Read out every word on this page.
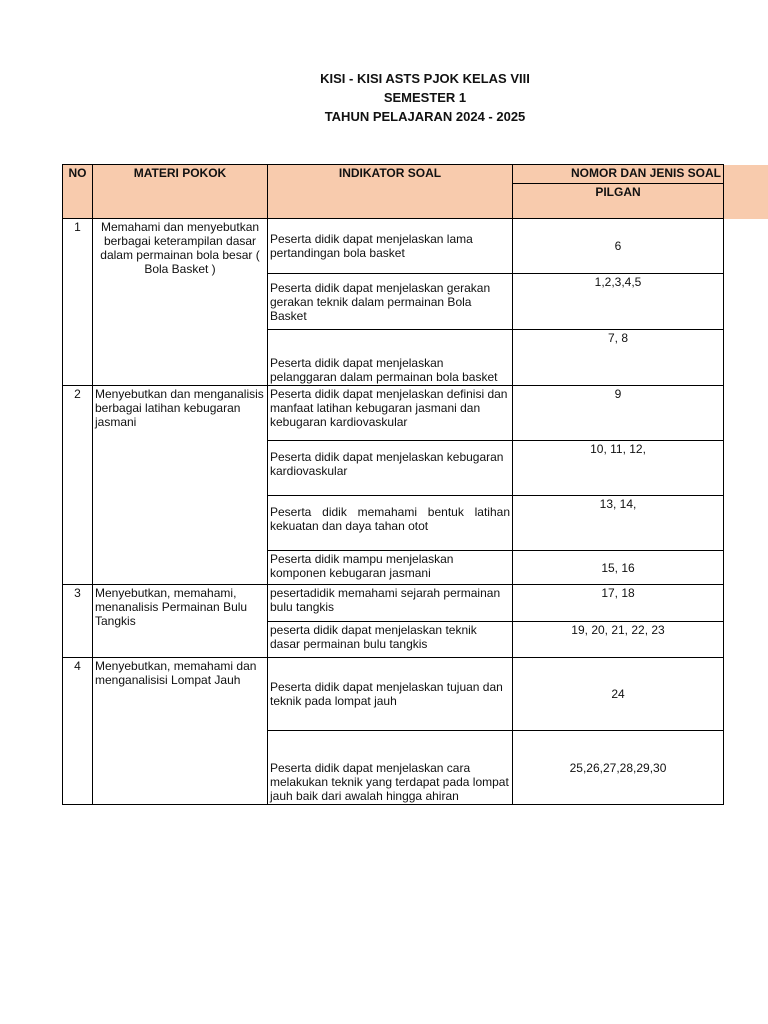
KISI - KISI ASTS PJOK KELAS VIII
SEMESTER 1
TAHUN PELAJARAN 2024 - 2025
NO	MATERI POKOK	INDIKATOR SOAL	NOMOR DAN JENIS SOAL
			PILGAN
1	Memahami dan menyebutkan berbagai keterampilan dasar dalam permainan bola besar ( Bola Basket )	Peserta didik dapat menjelaskan lama pertandingan bola basket	6
		Peserta didik dapat menjelaskan gerakan gerakan teknik dalam permainan Bola Basket	1,2,3,4,5
		Peserta didik dapat menjelaskan pelanggaran dalam permainan bola basket	7, 8
2	Menyebutkan dan menganalisis berbagai latihan kebugaran jasmani	Peserta didik dapat menjelaskan definisi dan manfaat latihan kebugaran jasmani dan kebugaran kardiovaskular	9
		Peserta didik dapat menjelaskan kebugaran kardiovaskular	10, 11, 12,
		Peserta didik memahami bentuk latihan kekuatan dan daya tahan otot	13, 14,
		Peserta didik mampu menjelaskan komponen kebugaran jasmani	15, 16
3	Menyebutkan, memahami, menanalisis Permainan Bulu Tangkis	pesertadidik memahami sejarah permainan bulu tangkis	17, 18
		peserta didik dapat menjelaskan teknik dasar permainan bulu tangkis	19, 20, 21, 22, 23
4	Menyebutkan, memahami dan menganalisisi Lompat Jauh	Peserta didik dapat menjelaskan tujuan dan teknik pada lompat jauh	24
		Peserta didik dapat menjelaskan cara melakukan teknik yang terdapat pada lompat jauh baik dari awalah hingga ahiran	25,26,27,28,29,30
